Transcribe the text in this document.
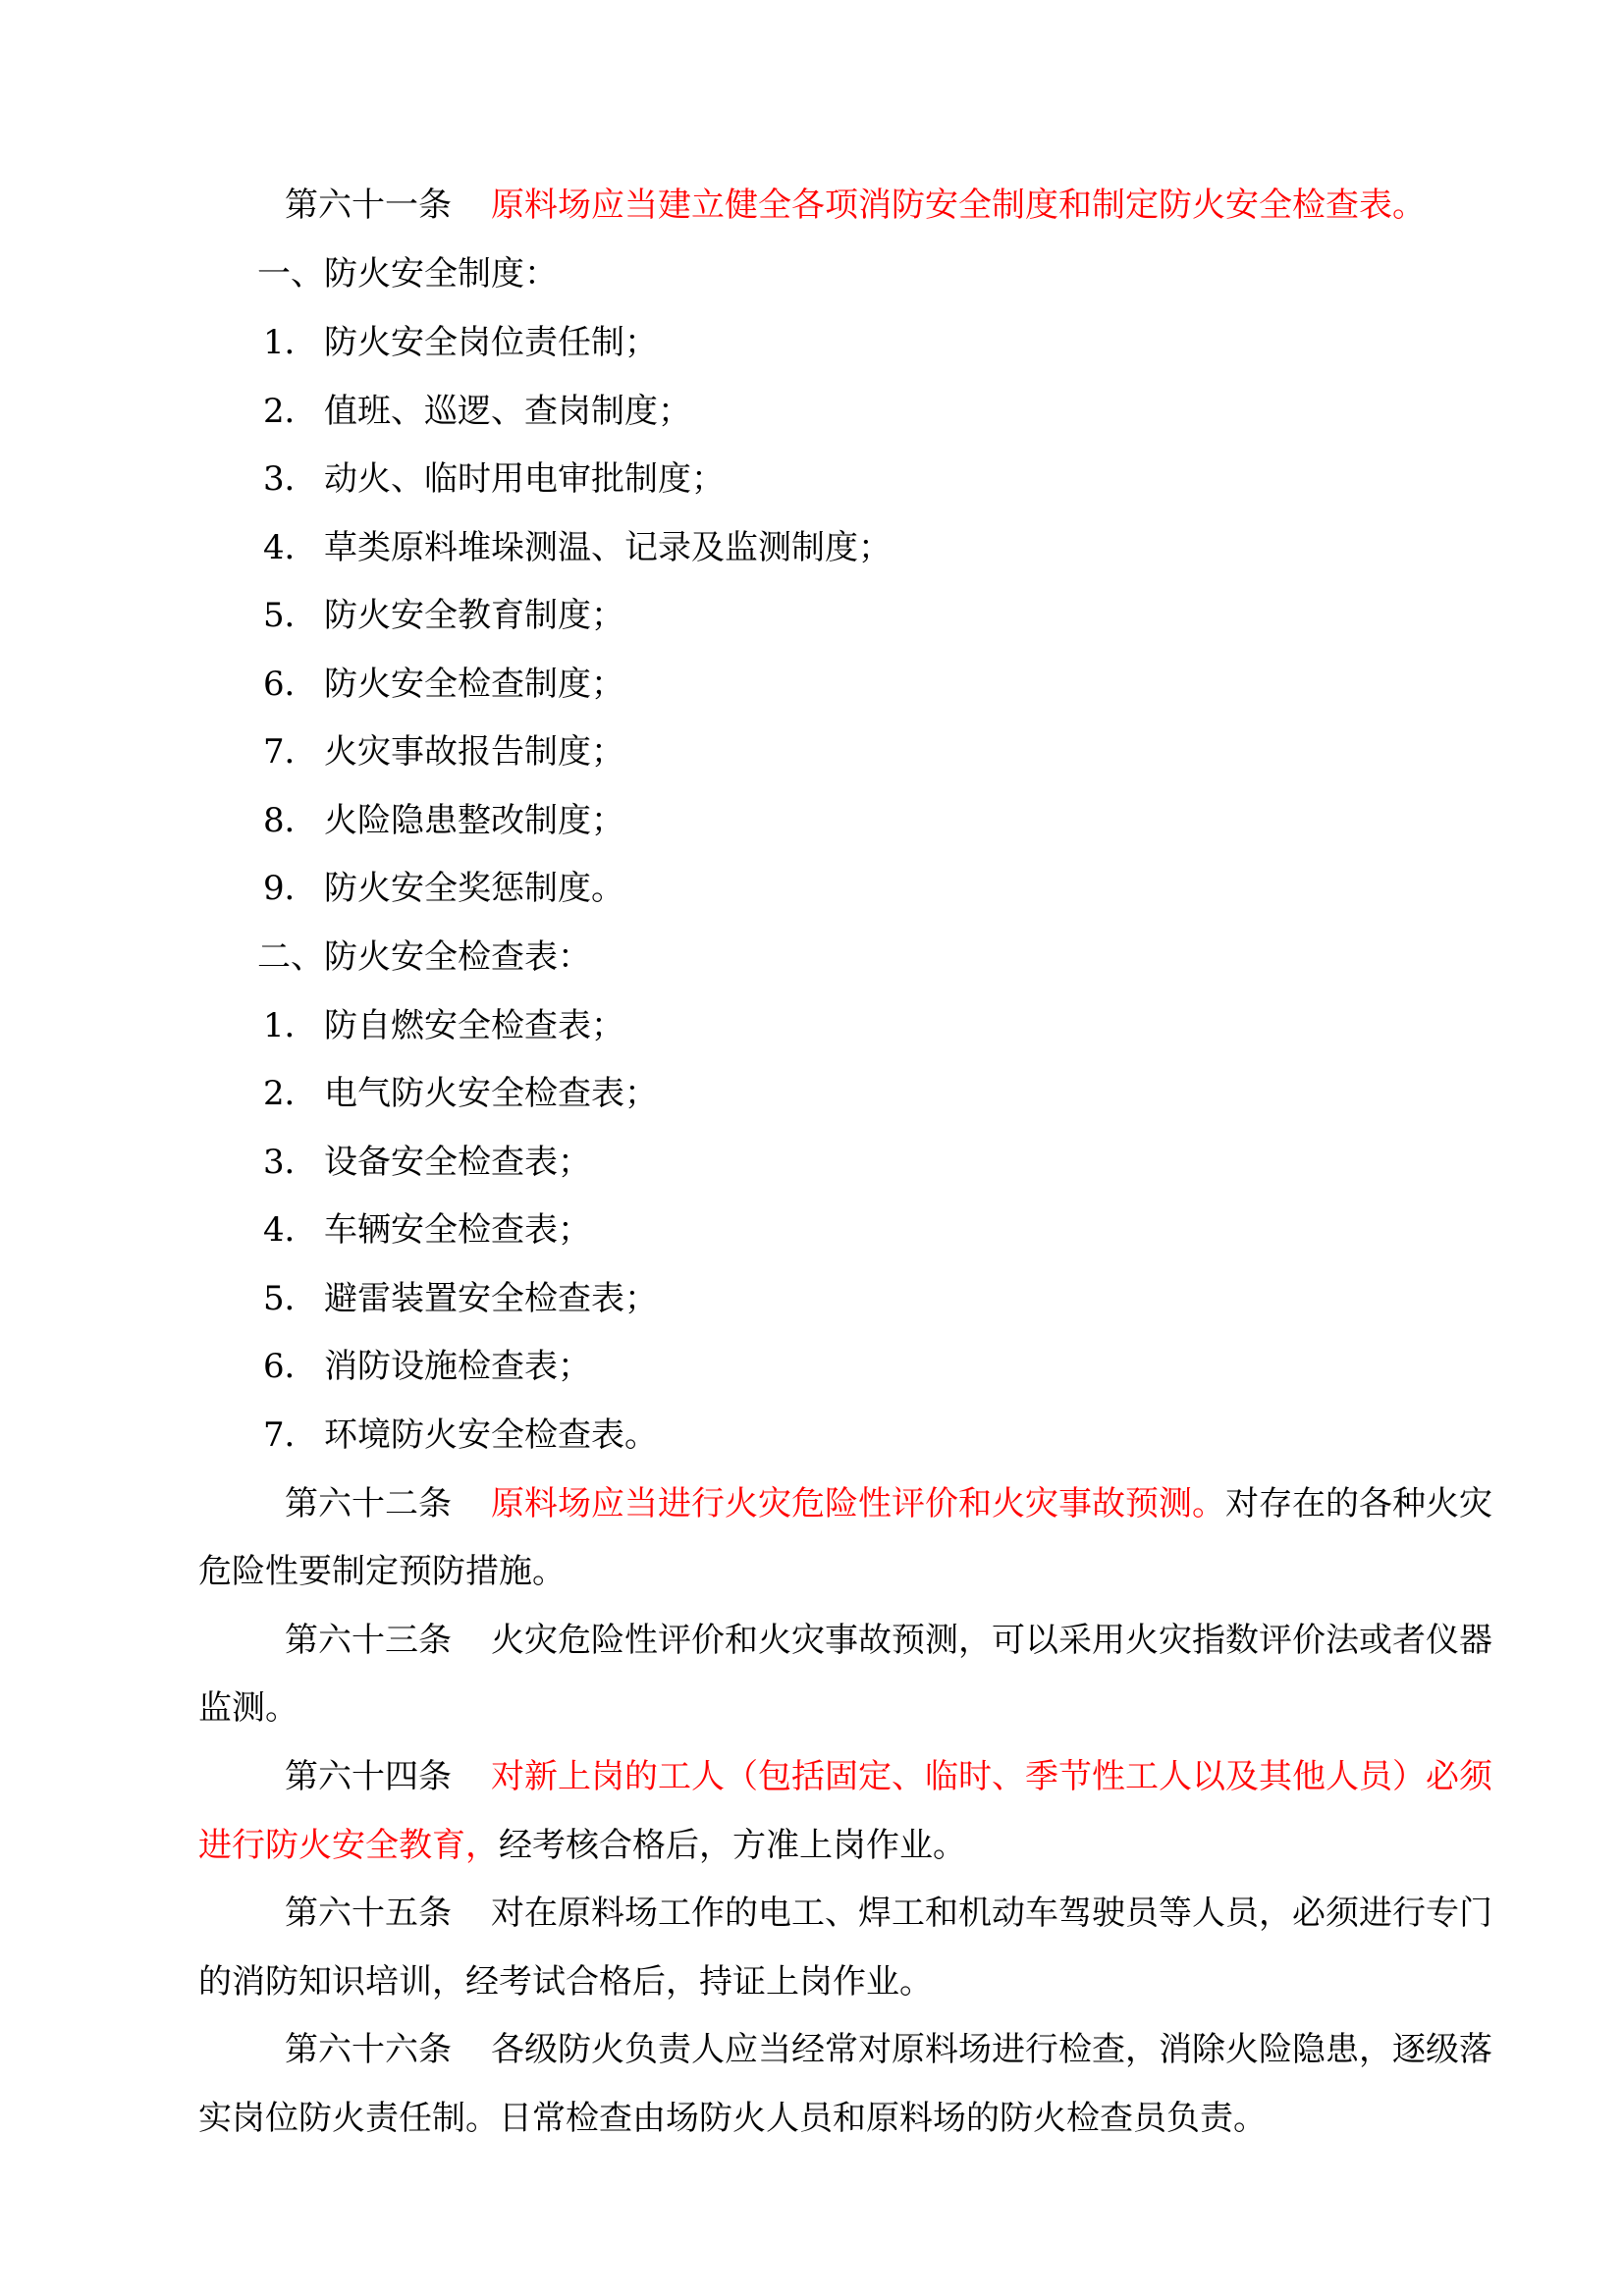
第六十一条 原料场应当建立健全各项消防安全制度和制定防火安全检查表。
一、防火安全制度：
1． 防火安全岗位责任制；
2． 值班、巡逻、查岗制度；
3． 动火、临时用电审批制度；
4． 草类原料堆垛测温、记录及监测制度；
5． 防火安全教育制度；
6． 防火安全检查制度；
7． 火灾事故报告制度；
8． 火险隐患整改制度；
9． 防火安全奖惩制度。
二、防火安全检查表：
1． 防自燃安全检查表；
2． 电气防火安全检查表；
3． 设备安全检查表；
4． 车辆安全检查表；
5． 避雷装置安全检查表；
6． 消防设施检查表；
7． 环境防火安全检查表。
第六十二条 原料场应当进行火灾危险性评价和火灾事故预测。对存在的各种火灾
危险性要制定预防措施。
第六十三条 火灾危险性评价和火灾事故预测，可以采用火灾指数评价法或者仪器
监测。
第六十四条 对新上岗的工人（包括固定、临时、季节性工人以及其他人员）必须
进行防火安全教育，经考核合格后，方准上岗作业。
第六十五条 对在原料场工作的电工、焊工和机动车驾驶员等人员，必须进行专门
的消防知识培训，经考试合格后，持证上岗作业。
第六十六条 各级防火负责人应当经常对原料场进行检查，消除火险隐患，逐级落
实岗位防火责任制。日常检查由场防火人员和原料场的防火检查员负责。
